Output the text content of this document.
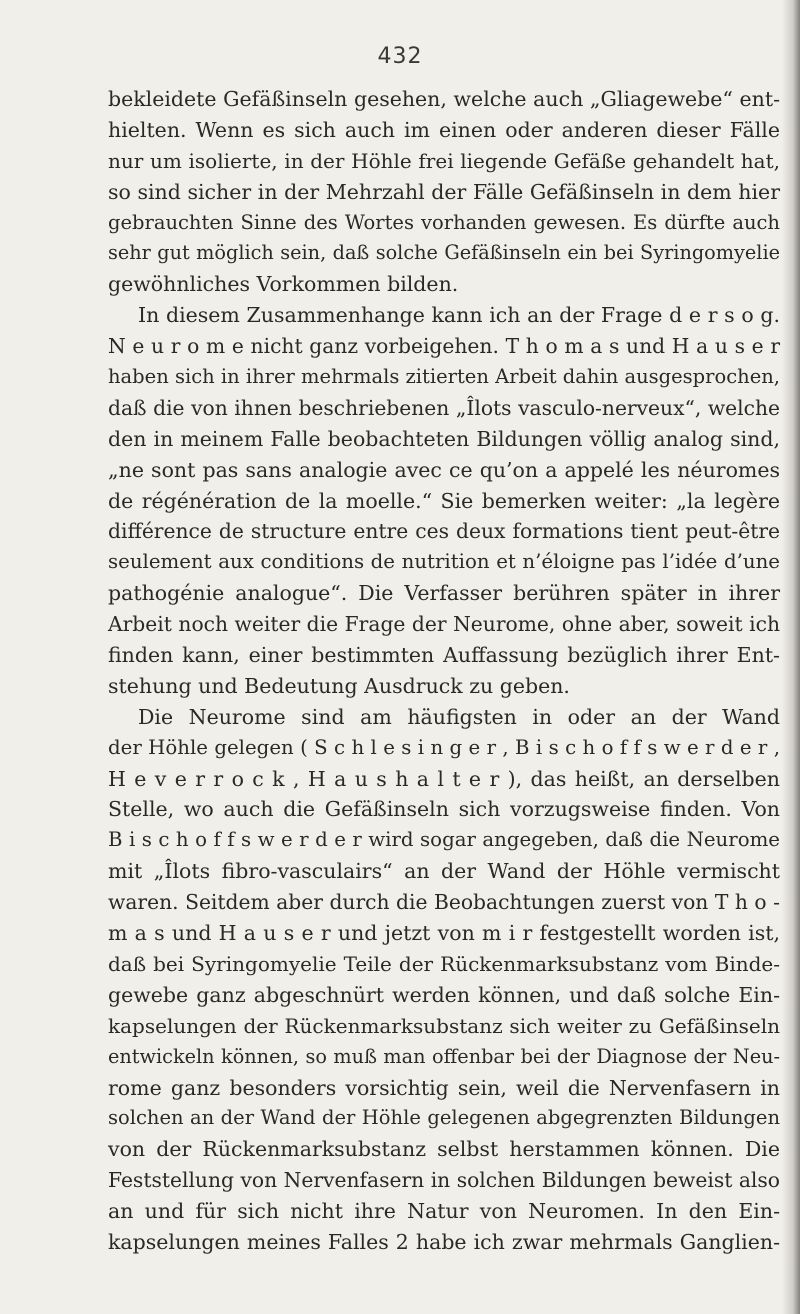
432
bekleidete Gefäßinseln gesehen, welche auch „Gliagewebe“ ent-
hielten. Wenn es sich auch im einen oder anderen dieser Fälle
nur um isolierte, in der Höhle frei liegende Gefäße gehandelt hat,
so sind sicher in der Mehrzahl der Fälle Gefäßinseln in dem hier
gebrauchten Sinne des Wortes vorhanden gewesen. Es dürfte auch
sehr gut möglich sein, daß solche Gefäßinseln ein bei Syringomyelie
gewöhnliches Vorkommen bilden.
In diesem Zusammenhange kann ich an der Frage d e r s o g.
N e u r o m e nicht ganz vorbeigehen. T h o m a s und H a u s e r
haben sich in ihrer mehrmals zitierten Arbeit dahin ausgesprochen,
daß die von ihnen beschriebenen „Îlots vasculo-nerveux“, welche
den in meinem Falle beobachteten Bildungen völlig analog sind,
„ne sont pas sans analogie avec ce qu’on a appelé les néuromes
de régénération de la moelle.“ Sie bemerken weiter: „la legère
différence de structure entre ces deux formations tient peut-être
seulement aux conditions de nutrition et n’éloigne pas l’idée d’une
pathogénie analogue“. Die Verfasser berühren später in ihrer
Arbeit noch weiter die Frage der Neurome, ohne aber, soweit ich
finden kann, einer bestimmten Auffassung bezüglich ihrer Ent-
stehung und Bedeutung Ausdruck zu geben.
Die Neurome sind am häufigsten in oder an der Wand
der Höhle gelegen ( S c h l e s i n g e r , B i s c h o f f s w e r d e r ,
H e v e r r o c k , H a u s h a l t e r ), das heißt, an derselben
Stelle, wo auch die Gefäßinseln sich vorzugsweise finden. Von
B i s c h o f f s w e r d e r wird sogar angegeben, daß die Neurome
mit „Îlots fibro-vasculairs“ an der Wand der Höhle vermischt
waren. Seitdem aber durch die Beobachtungen zuerst von T h o -
m a s und H a u s e r und jetzt von m i r festgestellt worden ist,
daß bei Syringomyelie Teile der Rückenmarksubstanz vom Binde-
gewebe ganz abgeschnürt werden können, und daß solche Ein-
kapselungen der Rückenmarksubstanz sich weiter zu Gefäßinseln
entwickeln können, so muß man offenbar bei der Diagnose der Neu-
rome ganz besonders vorsichtig sein, weil die Nervenfasern in
solchen an der Wand der Höhle gelegenen abgegrenzten Bildungen
von der Rückenmarksubstanz selbst herstammen können. Die
Feststellung von Nervenfasern in solchen Bildungen beweist also
an und für sich nicht ihre Natur von Neuromen. In den Ein-
kapselungen meines Falles 2 habe ich zwar mehrmals Ganglien-
